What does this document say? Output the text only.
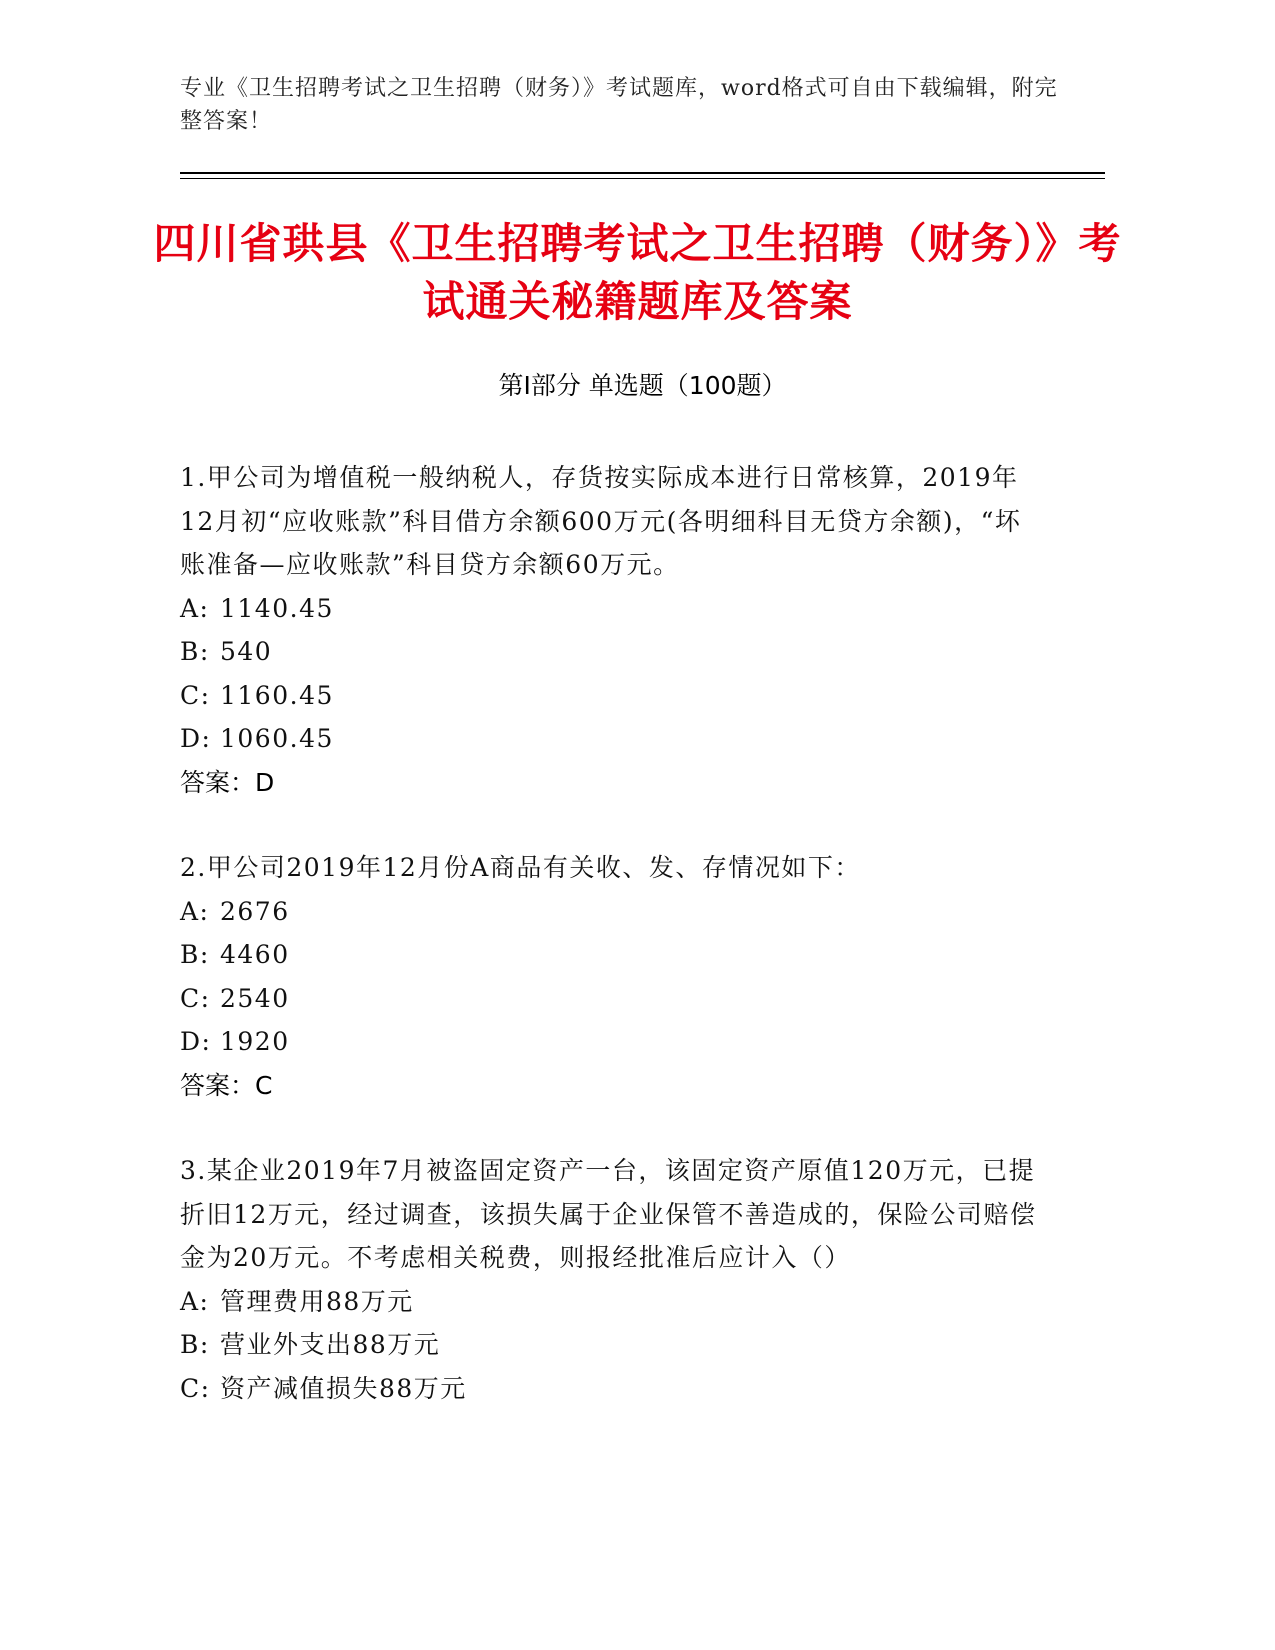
专业《卫生招聘考试之卫生招聘（财务）》考试题库，word格式可自由下载编辑，附完整答案！
四川省珙县《卫生招聘考试之卫生招聘（财务）》考试通关秘籍题库及答案
第Ⅰ部分 单选题（100题）
1.甲公司为增值税一般纳税人，存货按实际成本进行日常核算，2019年12月初“应收账款”科目借方余额600万元(各明细科目无贷方余额)，“坏账准备—应收账款”科目贷方余额60万元。
A: 1140.45
B: 540
C: 1160.45
D: 1060.45
答案：D
2.甲公司2019年12月份A商品有关收、发、存情况如下：
A: 2676
B: 4460
C: 2540
D: 1920
答案：C
3.某企业2019年7月被盗固定资产一台，该固定资产原值120万元，已提折旧12万元，经过调查，该损失属于企业保管不善造成的，保险公司赔偿金为20万元。不考虑相关税费，则报经批准后应计入（）
A: 管理费用88万元
B: 营业外支出88万元
C: 资产减值损失88万元
